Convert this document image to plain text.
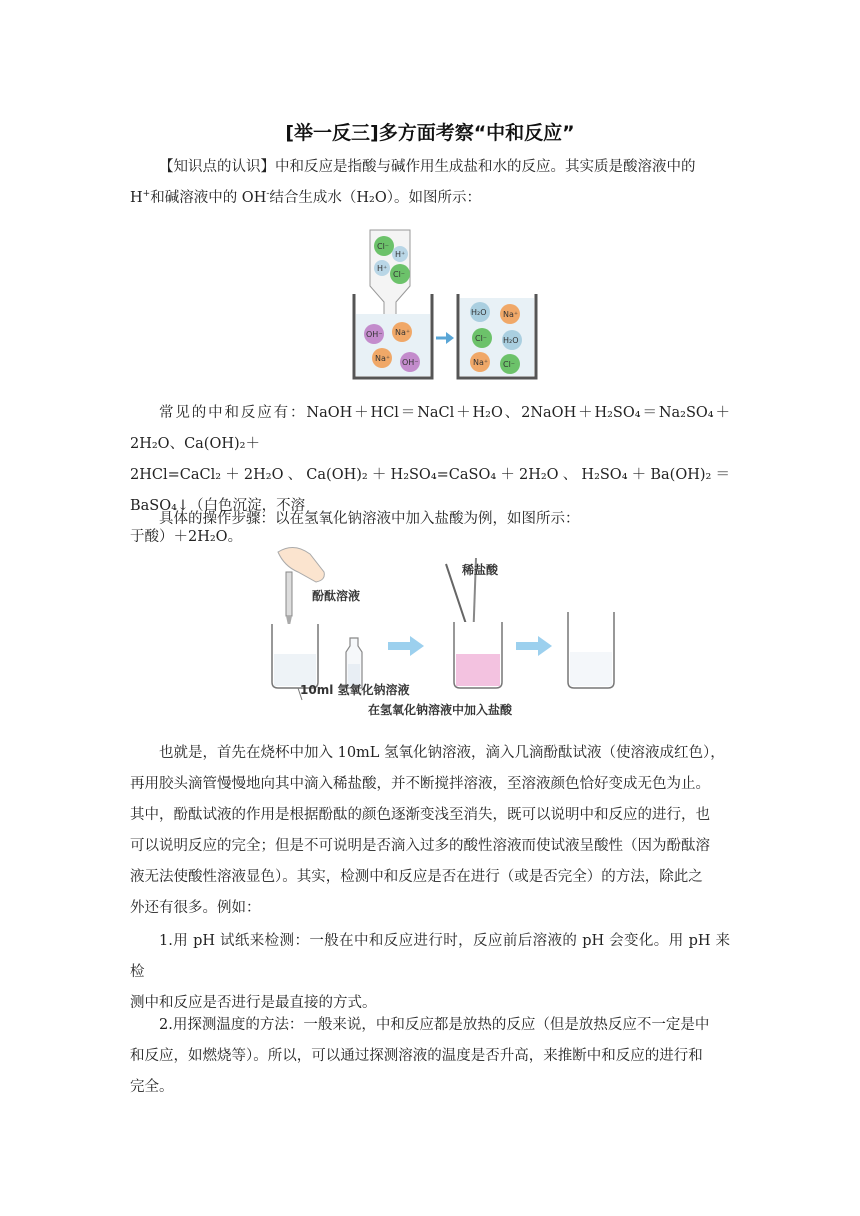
[举一反三]多方面考察“中和反应”
【知识点的认识】中和反应是指酸与碱作用生成盐和水的反应。其实质是酸溶液中的
H+和碱溶液中的 OH-结合生成水（H₂O）。如图所示：
Cl⁻
H⁺
H⁺
Cl⁻
OH⁻ Na⁺
Na⁺ OH⁻
H₂O Na⁺
Cl⁻ H₂O
Na⁺ Cl⁻
常见的中和反应有：NaOH＋HCl＝NaCl＋H₂O、2NaOH＋H₂SO₄＝Na₂SO₄＋2H₂O、Ca(OH)₂＋
2HCl=CaCl₂＋2H₂O、Ca(OH)₂＋H₂SO₄=CaSO₄＋2H₂O、H₂SO₄＋Ba(OH)₂＝BaSO₄↓（白色沉淀，不溶
于酸）＋2H₂O。
具体的操作步骤：以在氢氧化钠溶液中加入盐酸为例，如图所示：
酚酞溶液
10ml 氢氧化钠溶液
稀盐酸
在氢氧化钠溶液中加入盐酸
也就是，首先在烧杯中加入 10mL 氢氧化钠溶液，滴入几滴酚酞试液（使溶液成红色），
再用胶头滴管慢慢地向其中滴入稀盐酸，并不断搅拌溶液，至溶液颜色恰好变成无色为止。
其中，酚酞试液的作用是根据酚酞的颜色逐渐变浅至消失，既可以说明中和反应的进行，也
可以说明反应的完全；但是不可说明是否滴入过多的酸性溶液而使试液呈酸性（因为酚酞溶
液无法使酸性溶液显色）。其实，检测中和反应是否在进行（或是否完全）的方法，除此之
外还有很多。例如：
1.用 pH 试纸来检测：一般在中和反应进行时，反应前后溶液的 pH 会变化。用 pH 来检
测中和反应是否进行是最直接的方式。
2.用探测温度的方法：一般来说，中和反应都是放热的反应（但是放热反应不一定是中
和反应，如燃烧等）。所以，可以通过探测溶液的温度是否升高，来推断中和反应的进行和
完全。
